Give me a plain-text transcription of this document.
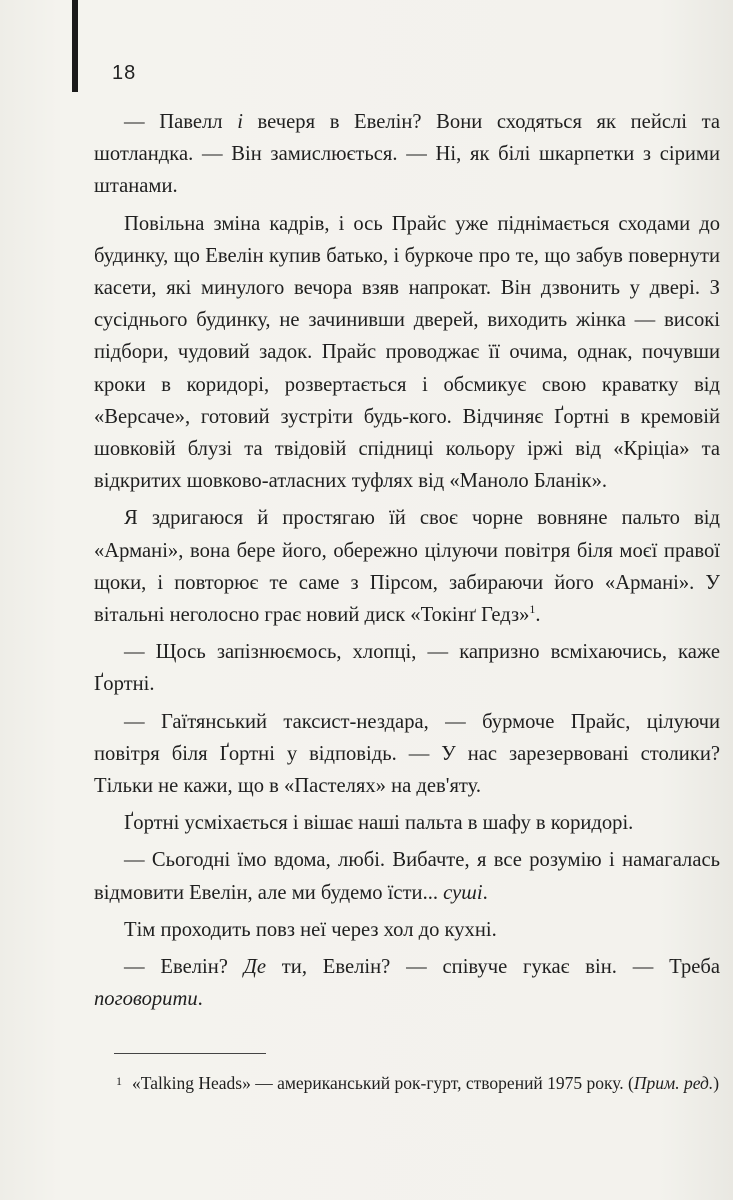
18

— Павелл і вечеря в Евелін? Вони сходяться як пейслі та шотландка. — Він замислюється. — Ні, як білі шкарпетки з сірими штанами.

Повільна зміна кадрів, і ось Прайс уже піднімається сходами до будинку, що Евелін купив батько, і буркоче про те, що забув повернути касети, які минулого вечора взяв напрокат. Він дзвонить у двері. З сусіднього будинку, не зачинивши дверей, виходить жінка — високі підбори, чудовий задок. Прайс проводжає її очима, однак, почувши кроки в коридорі, розвертається і обсмикує свою краватку від «Версаче», готовий зустріти будь-кого. Відчиняє Ґортні в кремовій шовковій блузі та твідовій спідниці кольору іржі від «Кріціа» та відкритих шовково-атласних туфлях від «Маноло Бланік».

Я здригаюся й простягаю їй своє чорне вовняне пальто від «Армані», вона бере його, обережно цілуючи повітря біля моєї правої щоки, і повторює те саме з Пірсом, забираючи його «Армані». У вітальні неголосно грає новий диск «Токінґ Гедз»$^1$.

— Щось запізнюємось, хлопці, — капризно всміхаючись, каже Ґортні.

— Гаїтянський таксист-нездара, — бурмоче Прайс, цілуючи повітря біля Ґортні у відповідь. — У нас зарезервовані столики? Тільки не кажи, що в «Пастелях» на дев'яту.

Ґортні усміхається і вішає наші пальта в шафу в коридорі.

— Сьогодні їмо вдома, любі. Вибачте, я все розумію і намагалась відмовити Евелін, але ми будемо їсти... суші.

Тім проходить повз неї через хол до кухні.

— Евелін? Де ти, Евелін? — співуче гукає він. — Треба поговорити.

$^1$ «Talking Heads» — американський рок-гурт, створений 1975 року. (Прим. ред.)
